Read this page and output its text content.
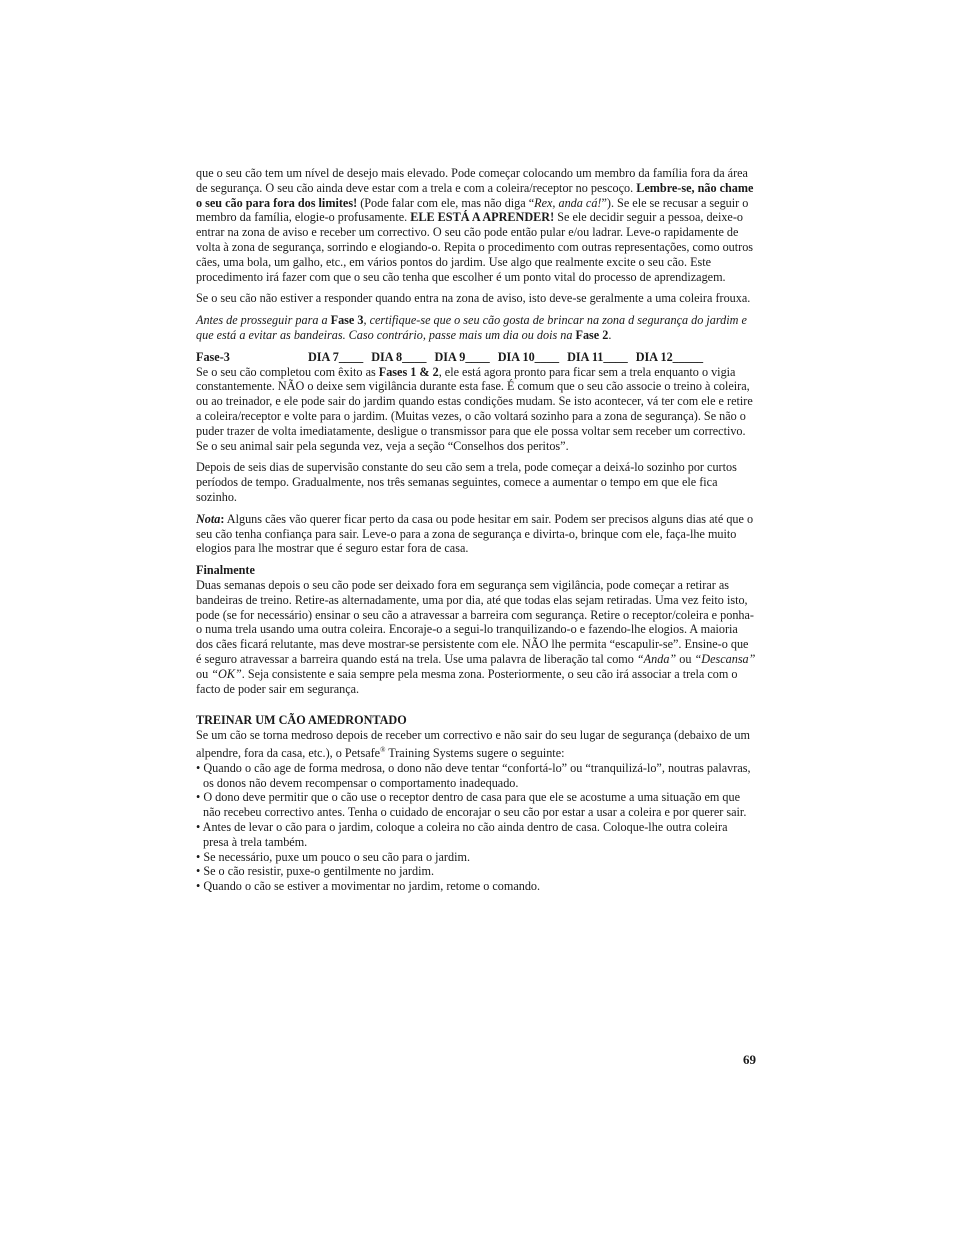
que o seu cão tem um nível de desejo mais elevado. Pode começar colocando um membro da família fora da área de segurança. O seu cão ainda deve estar com a trela e com a coleira/receptor no pescoço. Lembre-se, não chame o seu cão para fora dos limites! (Pode falar com ele, mas não diga “Rex, anda cá!”). Se ele se recusar a seguir o membro da família, elogie-o profusamente. ELE ESTÁ A APRENDER! Se ele decidir seguir a pessoa, deixe-o entrar na zona de aviso e receber um correctivo. O seu cão pode então pular e/ou ladrar. Leve-o rapidamente de volta à zona de segurança, sorrindo e elogiando-o. Repita o procedimento com outras representações, como outros cães, uma bola, um galho, etc., em vários pontos do jardim. Use algo que realmente excite o seu cão. Este procedimento irá fazer com que o seu cão tenha que escolher é um ponto vital do processo de aprendizagem.

Se o seu cão não estiver a responder quando entra na zona de aviso, isto deve-se geralmente a uma coleira frouxa.

Antes de prosseguir para a Fase 3, certifique-se que o seu cão gosta de brincar na zona d segurança do jardim e que está a evitar as bandeiras. Caso contrário, passe mais um dia ou dois na Fase 2.

Fase-3	DIA 7____ DIA 8____ DIA 9____ DIA 10____ DIA 11____ DIA 12_____

Se o seu cão completou com êxito as Fases 1 & 2, ele está agora pronto para ficar sem a trela enquanto o vigia constantemente. NÃO o deixe sem vigilância durante esta fase. É comum que o seu cão associe o treino à coleira, ou ao treinador, e ele pode sair do jardim quando estas condições mudam. Se isto acontecer, vá ter com ele e retire a coleira/receptor e volte para o jardim. (Muitas vezes, o cão voltará sozinho para a zona de segurança). Se não o puder trazer de volta imediatamente, desligue o transmissor para que ele possa voltar sem receber um correctivo. Se o seu animal sair pela segunda vez, veja a seção “Conselhos dos peritos”.

Depois de seis dias de supervisão constante do seu cão sem a trela, pode começar a deixá-lo sozinho por curtos períodos de tempo. Gradualmente, nos três semanas seguintes, comece a aumentar o tempo em que ele fica sozinho.

Nota: Alguns cães vão querer ficar perto da casa ou pode hesitar em sair. Podem ser precisos alguns dias até que o seu cão tenha confiança para sair. Leve-o para a zona de segurança e divirta-o, brinque com ele, faça-lhe muito elogios para lhe mostrar que é seguro estar fora de casa.

Finalmente

Duas semanas depois o seu cão pode ser deixado fora em segurança sem vigilância, pode começar a retirar as bandeiras de treino. Retire-as alternadamente, uma por dia, até que todas elas sejam retiradas. Uma vez feito isto, pode (se for necessário) ensinar o seu cão a atravessar a barreira com segurança. Retire o receptor/coleira e ponha-o numa trela usando uma outra coleira. Encoraje-o a segui-lo tranquilizando-o e fazendo-lhe elogios. A maioria dos cães ficará relutante, mas deve mostrar-se persistente com ele. NÃO lhe permita “escapulir-se”. Ensine-o que é seguro atravessar a barreira quando está na trela. Use uma palavra de liberação tal como “Anda” ou “Descansa” ou “OK”. Seja consistente e saia sempre pela mesma zona. Posteriormente, o seu cão irá associar a trela com o facto de poder sair em segurança.

TREINAR UM CÃO AMEDRONTADO

Se um cão se torna medroso depois de receber um correctivo e não sair do seu lugar de segurança (debaixo de um alpendre, fora da casa, etc.), o Petsafe® Training Systems sugere o seguinte:

• Quando o cão age de forma medrosa, o dono não deve tentar “confortá-lo” ou “tranquilizá-lo”, noutras palavras, os donos não devem recompensar o comportamento inadequado.

• O dono deve permitir que o cão use o receptor dentro de casa para que ele se acostume a uma situação em que não recebeu correctivo antes. Tenha o cuidado de encorajar o seu cão por estar a usar a coleira e por querer sair.

• Antes de levar o cão para o jardim, coloque a coleira no cão ainda dentro de casa. Coloque-lhe outra coleira presa à trela também.

• Se necessário, puxe um pouco o seu cão para o jardim.

• Se o cão resistir, puxe-o gentilmente no jardim.

• Quando o cão se estiver a movimentar no jardim, retome o comando.

69
